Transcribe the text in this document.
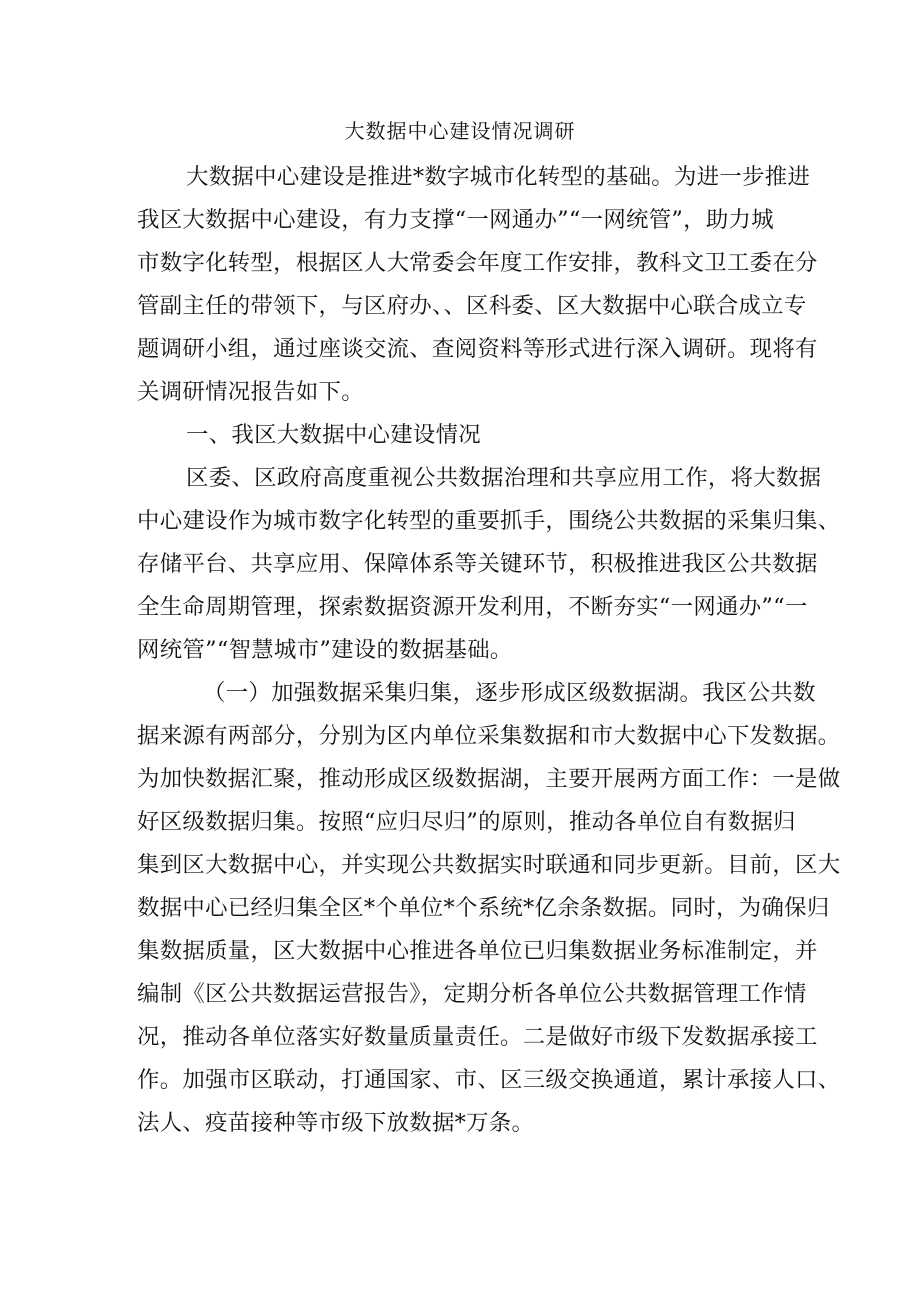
大数据中心建设情况调研
大数据中心建设是推进*数字城市化转型的基础。为进一步推进
我区大数据中心建设，有力支撑“一网通办”“一网统管”，助力城
市数字化转型，根据区人大常委会年度工作安排，教科文卫工委在分
管副主任的带领下，与区府办、、区科委、区大数据中心联合成立专
题调研小组，通过座谈交流、查阅资料等形式进行深入调研。现将有
关调研情况报告如下。
一、我区大数据中心建设情况
区委、区政府高度重视公共数据治理和共享应用工作，将大数据
中心建设作为城市数字化转型的重要抓手，围绕公共数据的采集归集、
存储平台、共享应用、保障体系等关键环节，积极推进我区公共数据
全生命周期管理，探索数据资源开发利用，不断夯实“一网通办”“一
网统管”“智慧城市”建设的数据基础。
（一）加强数据采集归集，逐步形成区级数据湖。我区公共数
据来源有两部分，分别为区内单位采集数据和市大数据中心下发数据。
为加快数据汇聚，推动形成区级数据湖，主要开展两方面工作：一是做
好区级数据归集。按照“应归尽归”的原则，推动各单位自有数据归
集到区大数据中心，并实现公共数据实时联通和同步更新。目前，区大
数据中心已经归集全区*个单位*个系统*亿余条数据。同时，为确保归
集数据质量，区大数据中心推进各单位已归集数据业务标准制定，并
编制《区公共数据运营报告》，定期分析各单位公共数据管理工作情
况，推动各单位落实好数量质量责任。二是做好市级下发数据承接工
作。加强市区联动，打通国家、市、区三级交换通道，累计承接人口、
法人、疫苗接种等市级下放数据*万条。
